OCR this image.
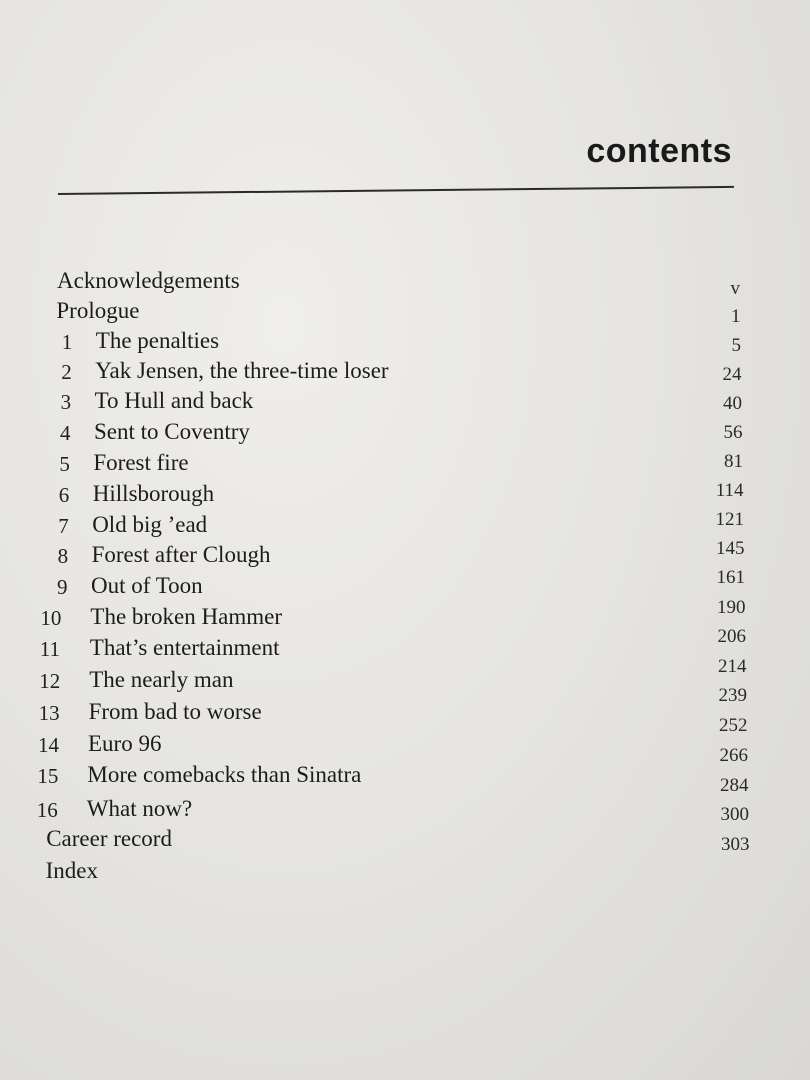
contents
Acknowledgements
Prologue
1 The penalties
2 Yak Jensen, the three-time loser
3 To Hull and back
4 Sent to Coventry
5 Forest fire
6 Hillsborough
7 Old big ’ead
8 Forest after Clough
9 Out of Toon
10 The broken Hammer
11 That’s entertainment
12 The nearly man
13 From bad to worse
14 Euro 96
15 More comebacks than Sinatra
16 What now?
Career record
Index
v
1
5
24
40
56
81
114
121
145
161
190
206
214
239
252
266
284
300
303
